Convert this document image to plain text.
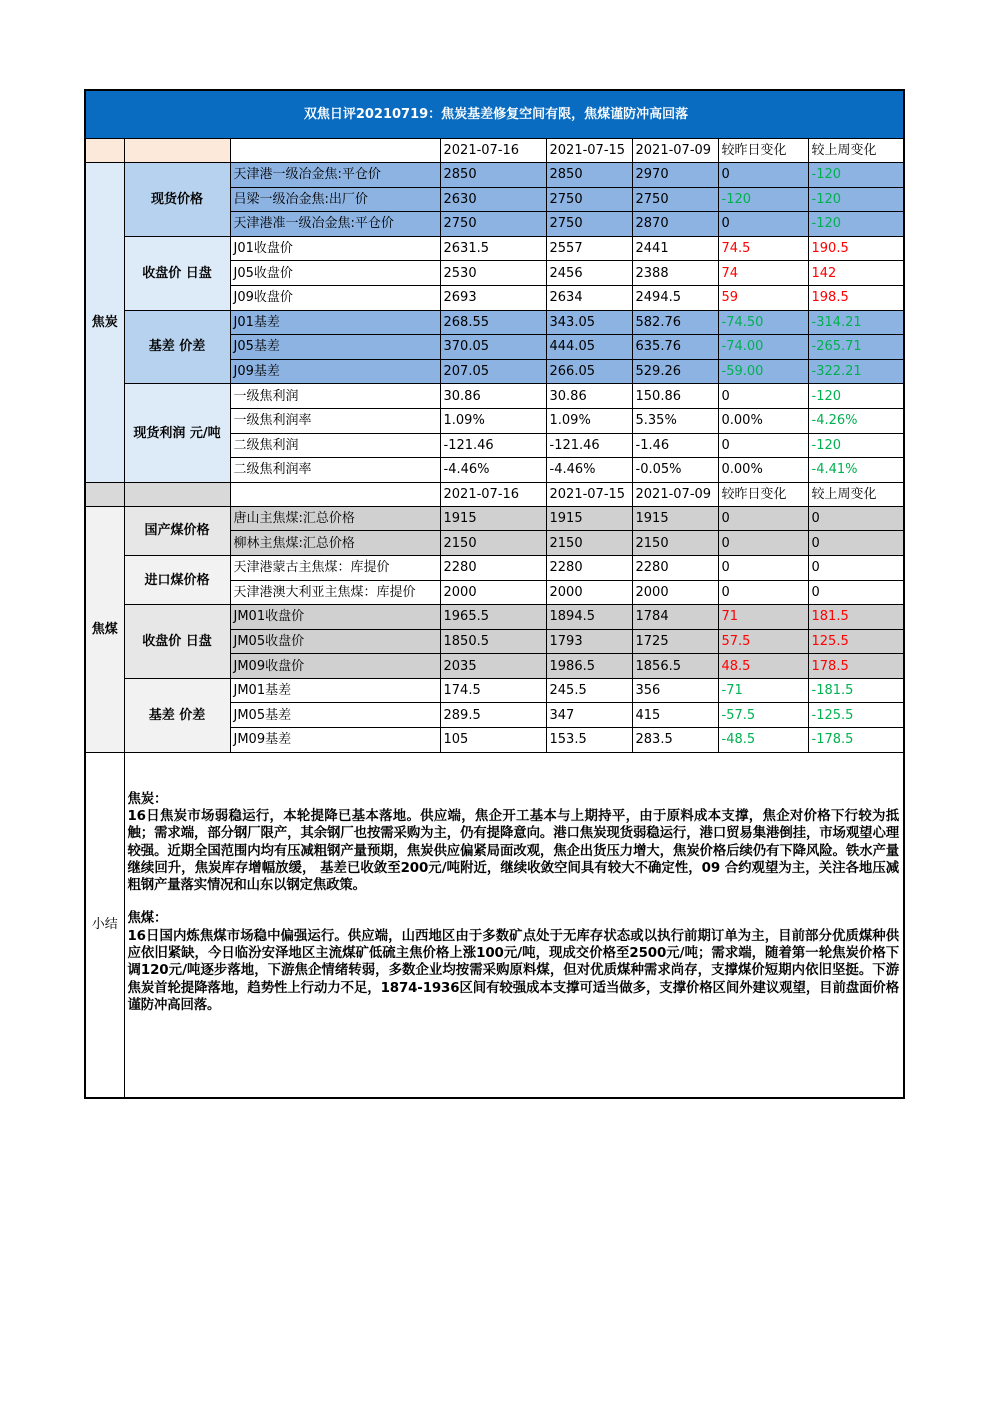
双焦日评20210719：焦炭基差修复空间有限，焦煤谨防冲高回落							
			2021-07-16	2021-07-15	2021-07-09	较昨日变化	较上周变化
焦炭	现货价格	天津港一级冶金焦:平仓价	2850	2850	2970	0	-120
		吕梁一级冶金焦:出厂价	2630	2750	2750	-120	-120
		天津港准一级冶金焦:平仓价	2750	2750	2870	0	-120
	收盘价 日盘	J01收盘价	2631.5	2557	2441	74.5	190.5
		J05收盘价	2530	2456	2388	74	142
		J09收盘价	2693	2634	2494.5	59	198.5
	基差 价差	J01基差	268.55	343.05	582.76	-74.50	-314.21
		J05基差	370.05	444.05	635.76	-74.00	-265.71
		J09基差	207.05	266.05	529.26	-59.00	-322.21
	现货利润 元/吨	一级焦利润	30.86	30.86	150.86	0	-120
		一级焦利润率	1.09%	1.09%	5.35%	0.00%	-4.26%
		二级焦利润	-121.46	-121.46	-1.46	0	-120
		二级焦利润率	-4.46%	-4.46%	-0.05%	0.00%	-4.41%
			2021-07-16	2021-07-15	2021-07-09	较昨日变化	较上周变化
焦煤	国产煤价格	唐山主焦煤:汇总价格	1915	1915	1915	0	0
		柳林主焦煤:汇总价格	2150	2150	2150	0	0
	进口煤价格	天津港蒙古主焦煤：库提价	2280	2280	2280	0	0
		天津港澳大利亚主焦煤：库提价	2000	2000	2000	0	0
	收盘价 日盘	JM01收盘价	1965.5	1894.5	1784	71	181.5
		JM05收盘价	1850.5	1793	1725	57.5	125.5
		JM09收盘价	2035	1986.5	1856.5	48.5	178.5
	基差 价差	JM01基差	174.5	245.5	356	-71	-181.5
		JM05基差	289.5	347	415	-57.5	-125.5
		JM09基差	105	153.5	283.5	-48.5	-178.5
小结	焦炭：

16日焦炭市场弱稳运行，本轮提降已基本落地。供应端，焦企开工基本与上期持平，由于原料成本支撑，焦企对价格下行较为抵触；需求端，部分钢厂限产，其余钢厂也按需采购为主，仍有提降意向。港口焦炭现货弱稳运行，港口贸易集港倒挂，市场观望心理较强。近期全国范围内均有压减粗钢产量预期，焦炭供应偏紧局面改观，焦企出货压力增大，焦炭价格后续仍有下降风险。铁水产量继续回升，焦炭库存增幅放缓， 基差已收敛至200元/吨附近，继续收敛空间具有较大不确定性，09 合约观望为主，关注各地压减粗钢产量落实情况和山东以钢定焦政策。

焦煤：

16日国内炼焦煤市场稳中偏强运行。供应端，山西地区由于多数矿点处于无库存状态或以执行前期订单为主，目前部分优质煤种供应依旧紧缺，今日临汾安泽地区主流煤矿低硫主焦价格上涨100元/吨，现成交价格至2500元/吨；需求端，随着第一轮焦炭价格下调120元/吨逐步落地，下游焦企情绪转弱，多数企业均按需采购原料煤，但对优质煤种需求尚存，支撑煤价短期内依旧坚挺。下游焦炭首轮提降落地，趋势性上行动力不足，1874-1936区间有较强成本支撑可适当做多，支撑价格区间外建议观望，目前盘面价格谨防冲高回落。						
